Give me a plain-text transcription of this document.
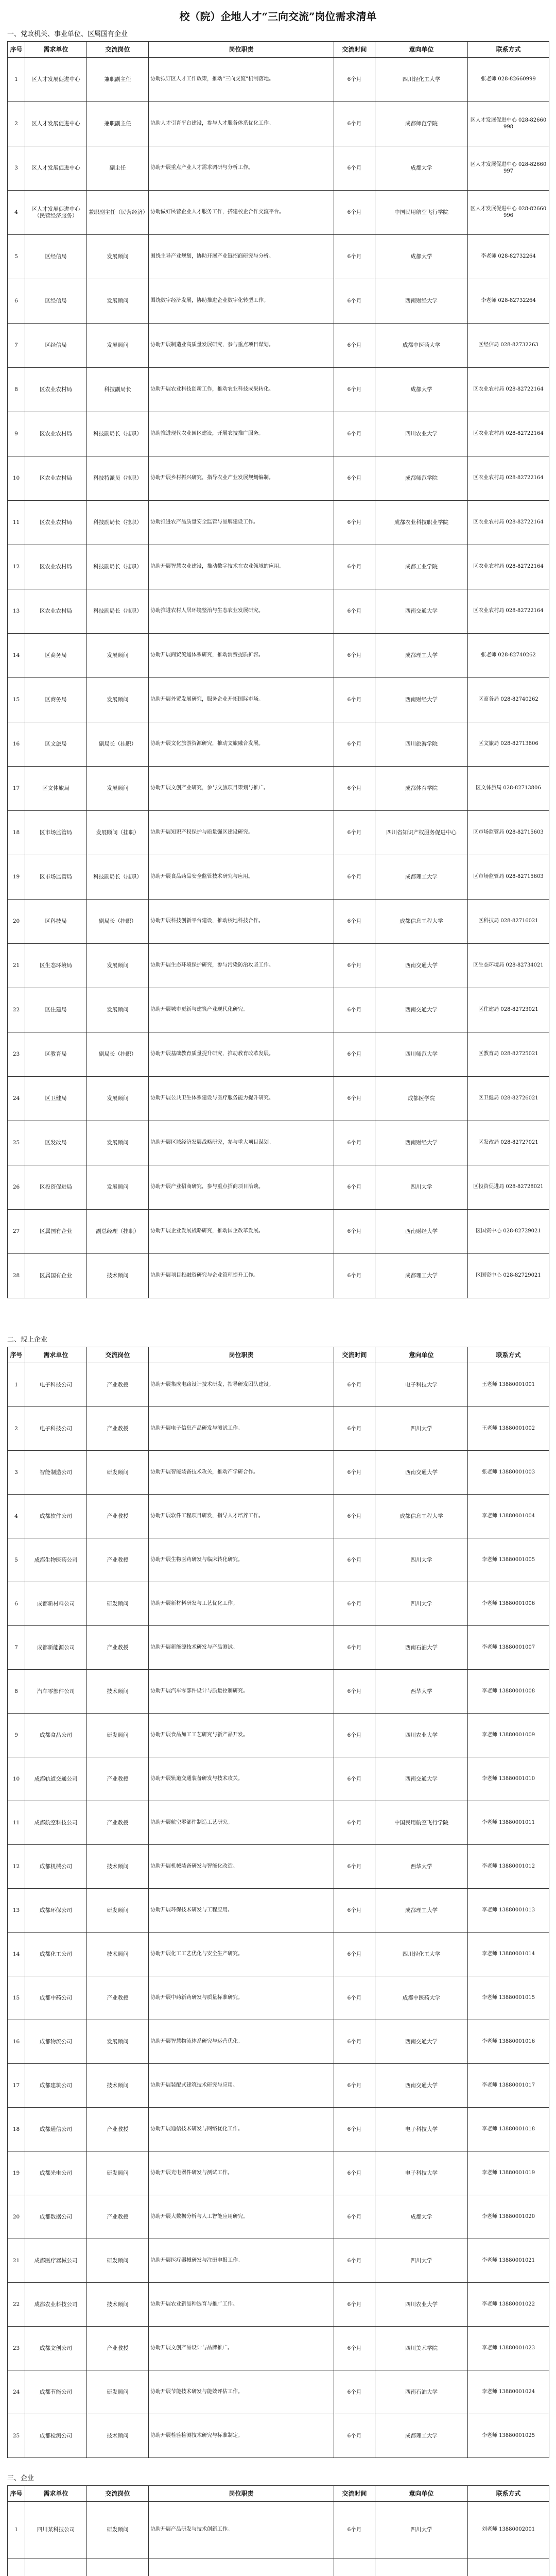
校（院）企地人才“三向交流”岗位需求清单
一、党政机关、事业单位、区属国有企业
序号	需求单位	交流岗位	岗位职责	交流时间	意向单位	联系方式
1	区人才发展促进中心	兼职副主任	协助拟订区人才工作政策，推动“三向交流”机制落地。	6个月	四川轻化工大学	张老师 028-82660999
2	区人才发展促进中心	兼职副主任	协助人才引育平台建设，参与人才服务体系优化工作。	6个月	成都师范学院	区人才发展促进中心 028-82660998
3	区人才发展促进中心	副主任	协助开展重点产业人才需求调研与分析工作。	6个月	成都大学	区人才发展促进中心 028-82660997
4	区人才发展促进中心（民营经济服务）	兼职副主任（民营经济）	协助做好民营企业人才服务工作，搭建校企合作交流平台。	6个月	中国民用航空飞行学院	区人才发展促进中心 028-82660996
5	区经信局	发展顾问	围绕主导产业规划，协助开展产业链招商研究与分析。	6个月	成都大学	李老师 028-82732264
6	区经信局	发展顾问	围绕数字经济发展，协助推进企业数字化转型工作。	6个月	西南财经大学	李老师 028-82732264
7	区经信局	发展顾问	协助开展制造业高质量发展研究，参与重点项目谋划。	6个月	成都中医药大学	区经信局 028-82732263
8	区农业农村局	科技副局长	协助开展农业科技创新工作，推动农业科技成果转化。	6个月	成都大学	区农业农村局 028-82722164
9	区农业农村局	科技副局长（挂职）	协助推进现代农业园区建设，开展农技推广服务。	6个月	四川农业大学	区农业农村局 028-82722164
10	区农业农村局	科技特派员（挂职）	协助开展乡村振兴研究，指导农业产业发展规划编制。	6个月	成都师范学院	区农业农村局 028-82722164
11	区农业农村局	科技副局长（挂职）	协助推进农产品质量安全监管与品牌建设工作。	6个月	成都农业科技职业学院	区农业农村局 028-82722164
12	区农业农村局	科技副局长（挂职）	协助开展智慧农业建设，推动数字技术在农业领域的应用。	6个月	成都工业学院	区农业农村局 028-82722164
13	区农业农村局	科技副局长（挂职）	协助推进农村人居环境整治与生态农业发展研究。	6个月	西南交通大学	区农业农村局 028-82722164
14	区商务局	发展顾问	协助开展商贸流通体系研究，推动消费提质扩容。	6个月	成都理工大学	张老师 028-82740262
15	区商务局	发展顾问	协助开展外贸发展研究，服务企业开拓国际市场。	6个月	西南财经大学	区商务局 028-82740262
16	区文旅局	副局长（挂职）	协助开展文化旅游资源研究，推动文旅融合发展。	6个月	四川旅游学院	区文旅局 028-82713806
17	区文体旅局	发展顾问	协助开展文创产业研究，参与文旅项目策划与推广。	6个月	成都体育学院	区文体旅局 028-82713806
18	区市场监管局	发展顾问（挂职）	协助开展知识产权保护与质量强区建设研究。	6个月	四川省知识产权服务促进中心	区市场监管局 028-82715603
19	区市场监管局	科技副局长（挂职）	协助开展食品药品安全监管技术研究与应用。	6个月	成都理工大学	区市场监管局 028-82715603
20	区科技局	副局长（挂职）	协助开展科技创新平台建设，推动校地科技合作。	6个月	成都信息工程大学	区科技局 028-82716021
21	区生态环境局	发展顾问	协助开展生态环境保护研究，参与污染防治攻坚工作。	6个月	西南交通大学	区生态环境局 028-82734021
22	区住建局	发展顾问	协助开展城市更新与建筑产业现代化研究。	6个月	西南交通大学	区住建局 028-82723021
23	区教育局	副局长（挂职）	协助开展基础教育质量提升研究，推动教育改革发展。	6个月	四川师范大学	区教育局 028-82725021
24	区卫健局	发展顾问	协助开展公共卫生体系建设与医疗服务能力提升研究。	6个月	成都医学院	区卫健局 028-82726021
25	区发改局	发展顾问	协助开展区域经济发展战略研究，参与重大项目谋划。	6个月	西南财经大学	区发改局 028-82727021
26	区投资促进局	发展顾问	协助开展产业招商研究，参与重点招商项目洽谈。	6个月	四川大学	区投资促进局 028-82728021
27	区属国有企业	副总经理（挂职）	协助开展企业发展战略研究，推动国企改革发展。	6个月	西南财经大学	区国资中心 028-82729021
28	区属国有企业	技术顾问	协助开展项目投融资研究与企业管理提升工作。	6个月	成都理工大学	区国资中心 028-82729021
二、规上企业
序号	需求单位	交流岗位	岗位职责	交流时间	意向单位	联系方式
1	电子科技公司	产业教授	协助开展集成电路设计技术研发，指导研发团队建设。	6个月	电子科技大学	王老师 13880001001
2	电子科技公司	产业教授	协助开展电子信息产品研发与测试工作。	6个月	四川大学	王老师 13880001002
3	智能制造公司	研发顾问	协助开展智能装备技术攻关，推动产学研合作。	6个月	西南交通大学	张老师 13880001003
4	成都软件公司	产业教授	协助开展软件工程项目研发，指导人才培养工作。	6个月	成都信息工程大学	李老师 13880001004
5	成都生物医药公司	产业教授	协助开展生物医药研发与临床转化研究。	6个月	四川大学	李老师 13880001005
6	成都新材料公司	研发顾问	协助开展新材料研发与工艺优化工作。	6个月	四川大学	李老师 13880001006
7	成都新能源公司	产业教授	协助开展新能源技术研发与产品测试。	6个月	西南石油大学	李老师 13880001007
8	汽车零部件公司	技术顾问	协助开展汽车零部件设计与质量控制研究。	6个月	西华大学	李老师 13880001008
9	成都食品公司	研发顾问	协助开展食品加工工艺研究与新产品开发。	6个月	四川农业大学	李老师 13880001009
10	成都轨道交通公司	产业教授	协助开展轨道交通装备研发与技术攻关。	6个月	西南交通大学	李老师 13880001010
11	成都航空科技公司	产业教授	协助开展航空零部件制造工艺研究。	6个月	中国民用航空飞行学院	李老师 13880001011
12	成都机械公司	技术顾问	协助开展机械装备研发与智能化改造。	6个月	西华大学	李老师 13880001012
13	成都环保公司	研发顾问	协助开展环保技术研发与工程应用。	6个月	成都理工大学	李老师 13880001013
14	成都化工公司	技术顾问	协助开展化工工艺优化与安全生产研究。	6个月	四川轻化工大学	李老师 13880001014
15	成都中药公司	产业教授	协助开展中药新药研发与质量标准研究。	6个月	成都中医药大学	李老师 13880001015
16	成都物流公司	发展顾问	协助开展智慧物流体系研究与运营优化。	6个月	西南交通大学	李老师 13880001016
17	成都建筑公司	技术顾问	协助开展装配式建筑技术研究与应用。	6个月	西南交通大学	李老师 13880001017
18	成都通信公司	产业教授	协助开展通信技术研发与网络优化工作。	6个月	电子科技大学	李老师 13880001018
19	成都光电公司	研发顾问	协助开展光电器件研发与测试工作。	6个月	电子科技大学	李老师 13880001019
20	成都数据公司	产业教授	协助开展大数据分析与人工智能应用研究。	6个月	成都大学	李老师 13880001020
21	成都医疗器械公司	研发顾问	协助开展医疗器械研发与注册申报工作。	6个月	四川大学	李老师 13880001021
22	成都农业科技公司	技术顾问	协助开展农业新品种选育与推广工作。	6个月	四川农业大学	李老师 13880001022
23	成都文创公司	产业教授	协助开展文创产品设计与品牌推广。	6个月	四川美术学院	李老师 13880001023
24	成都节能公司	研发顾问	协助开展节能技术研发与能效评估工作。	6个月	西南石油大学	李老师 13880001024
25	成都检测公司	技术顾问	协助开展检验检测技术研究与标准制定。	6个月	成都理工大学	李老师 13880001025
三、企业
序号	需求单位	交流岗位	岗位职责	交流时间	意向单位	联系方式
1	四川某科技公司	研发顾问	协助开展产品研发与技术创新工作。	6个月	四川大学	刘老师 13880002001
